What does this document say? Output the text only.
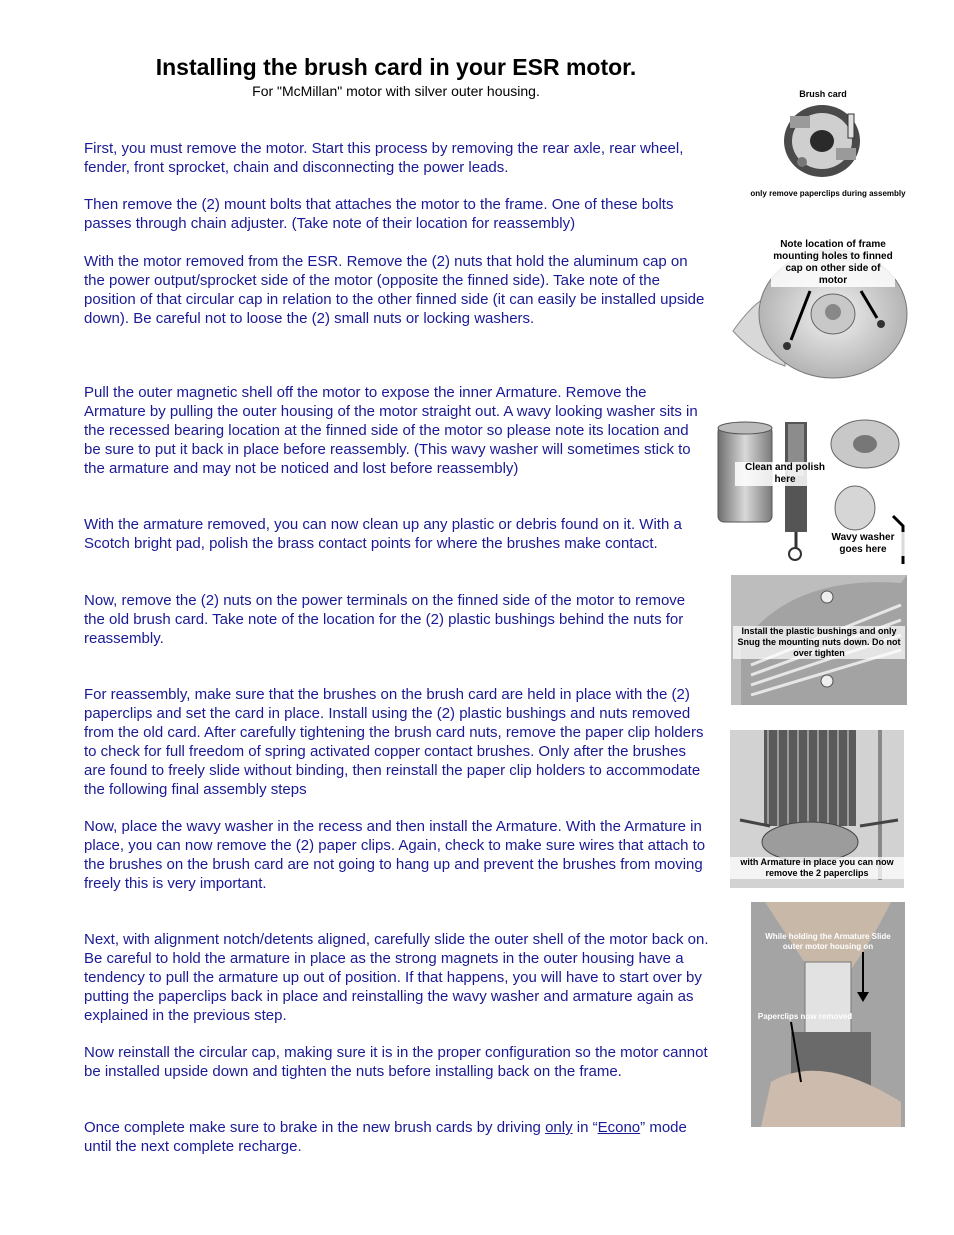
Installing the brush card in your ESR motor.
For "McMillan" motor with silver outer housing.

First, you must remove the motor. Start this process by removing the rear axle, rear wheel, fender, front sprocket, chain and disconnecting the power leads.

Then remove the (2) mount bolts that attaches the motor to the frame. One of these bolts passes through chain adjuster. (Take note of their location for reassembly)

With the motor removed from the ESR. Remove the (2) nuts that hold the aluminum cap on the power output/sprocket side of the motor (opposite the finned side). Take note of the position of that circular cap in relation to the other finned side (it can easily be installed upside down). Be careful not to loose the (2) small nuts or locking washers.

Pull the outer magnetic shell off the motor to expose the inner Armature. Remove the Armature by pulling the outer housing of the motor straight out. A wavy looking washer sits in the recessed bearing location at the finned side of the motor so please note its location and be sure to put it back in place before reassembly. (This wavy washer will sometimes stick to the armature and may not be noticed and lost before reassembly)

With the armature removed, you can now clean up any plastic or debris found on it. With a Scotch bright pad, polish the brass contact points for where the brushes make contact.

Now, remove the (2) nuts on the power terminals on the finned side of the motor to remove the old brush card. Take note of the location for the (2) plastic bushings behind the nuts for reassembly.

For reassembly, make sure that the brushes on the brush card are held in place with the (2) paperclips and set the card in place. Install using the (2) plastic bushings and nuts removed from the old card. After carefully tightening the brush card nuts, remove the paper clip holders to check for full freedom of spring activated copper contact brushes. Only after the brushes are found to freely slide without binding, then reinstall the paper clip holders to accommodate the following final assembly steps

Now, place the wavy washer in the recess and then install the Armature. With the Armature in place, you can now remove the (2) paper clips. Again, check to make sure wires that attach to the brushes on the brush card are not going to hang up and prevent the brushes from moving freely this is very important.

Next, with alignment notch/detents aligned, carefully slide the outer shell of the motor back on. Be careful to hold the armature in place as the strong magnets in the outer housing have a tendency to pull the armature up out of position. If that happens, you will have to start over by putting the paperclips back in place and reinstalling the wavy washer and armature again as explained in the previous step.

Now reinstall the circular cap, making sure it is in the proper configuration so the motor cannot be installed upside down and tighten the nuts before installing back on the frame.

Once complete make sure to brake in the new brush cards by driving only in “Econo” mode until the next complete recharge.

Brush card
only remove paperclips during assembly
Note location of frame mounting holes to finned cap on other side of motor
Clean and polish here
Wavy washer goes here
Install the plastic bushings and only Snug the mounting nuts down. Do not over tighten
with Armature in place you can now remove the 2 paperclips
While holding the Armature Slide outer motor housing on
Paperclips now removed
